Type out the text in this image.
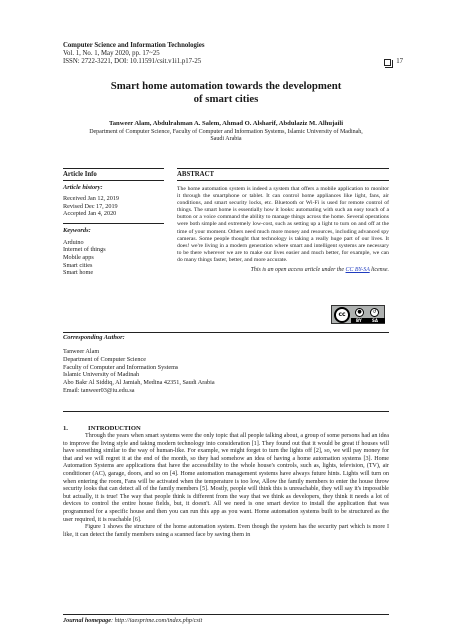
Computer Science and Information Technologies
Vol. 1, No. 1, May 2020, pp. 17~25
ISSN: 2722-3221, DOI: 10.11591/csit.v1i1.p17-25	17
Smart home automation towards the development
of smart cities
Tanweer Alam, Abdulrahman A. Salem, Ahmad O. Alsharif, Abdulaziz M. Alhujaili
Department of Computer Science, Faculty of Computer and Information Systems, Islamic University of Madinah,
Saudi Arabia
Article Info
Article history:
Received Jan 12, 2019
Revised Dec 17, 2019
Accepted Jan 4, 2020
Keywords:
Arduino
Internet of things
Mobile apps
Smart cities
Smart home
ABSTRACT
The home automation system is indeed a system that offers a mobile application to monitor it through the smartphone or tablet. It can control home appliances like light, fans, air conditions, and smart security locks, etc. Bluetooth or Wi-Fi is used for remote control of things. The smart home is essentially how it looks: automating with such an easy touch of a button or a voice command the ability to manage things across the home. Several operations were both simple and extremely low-cost, such as setting up a light to turn on and off at the time of your moment. Others need much more money and resources, including advanced spy cameras. Some people thought that technology is taking a really huge part of our lives. It does! we're living in a modern generation where smart and intelligent systems are necessary to be there wherever we are to make our lives easier and much better, for example, we can do many things faster, better, and more accurate.
This is an open access article under the CC BY-SA license.
cc	●	↺
BY	SA
Corresponding Author:
Tanweer Alam
Department of Computer Science
Faculty of Computer and Information Systems
Islamic University of Madinah
Abo Bakr Al Siddiq, Al Jamiah, Medina 42351, Saudi Arabia
Email: tanweer03@iu.edu.sa
1.	INTRODUCTION

Through the years when smart systems were the only topic that all people talking about, a group of some persons had an idea to improve the living style and taking modern technology into consideration [1]. They found out that it would be great if houses will have something similar to the way of human-like. For example, we might forget to turn the lights off [2], so, we will pay money for that and we will regret it at the end of the month, so they had somehow an idea of having a home automation systems [3]. Home Automation Systems are applications that have the accessibility to the whole house's controls, such as, lights, television, (TV), air conditioner (AC), garage, doors, and so on [4]. Home automation management systems have always future hints. Lights will turn on when entering the room, Fans will be activated when the temperature is too low, Allow the family members to enter the house throw security looks that can detect all of the family members [5]. Mostly, people will think this is unreachable, they will say it's impossible but actually, it is true! The way that people think is different from the way that we think as developers, they think it needs a lot of devices to control the entire house fields, but, it doesn't. All we need is one smart device to install the application that was programmed for a specific house and then you can run this app as you want. Home automation systems built to be structured as the user required, it is reachable [6].

Figure 1 shows the structure of the home automation system. Even though the system has the security part which is more I like, it can detect the family members using a scanned face by saving them in

Journal homepage: http://iaesprime.com/index.php/csit
